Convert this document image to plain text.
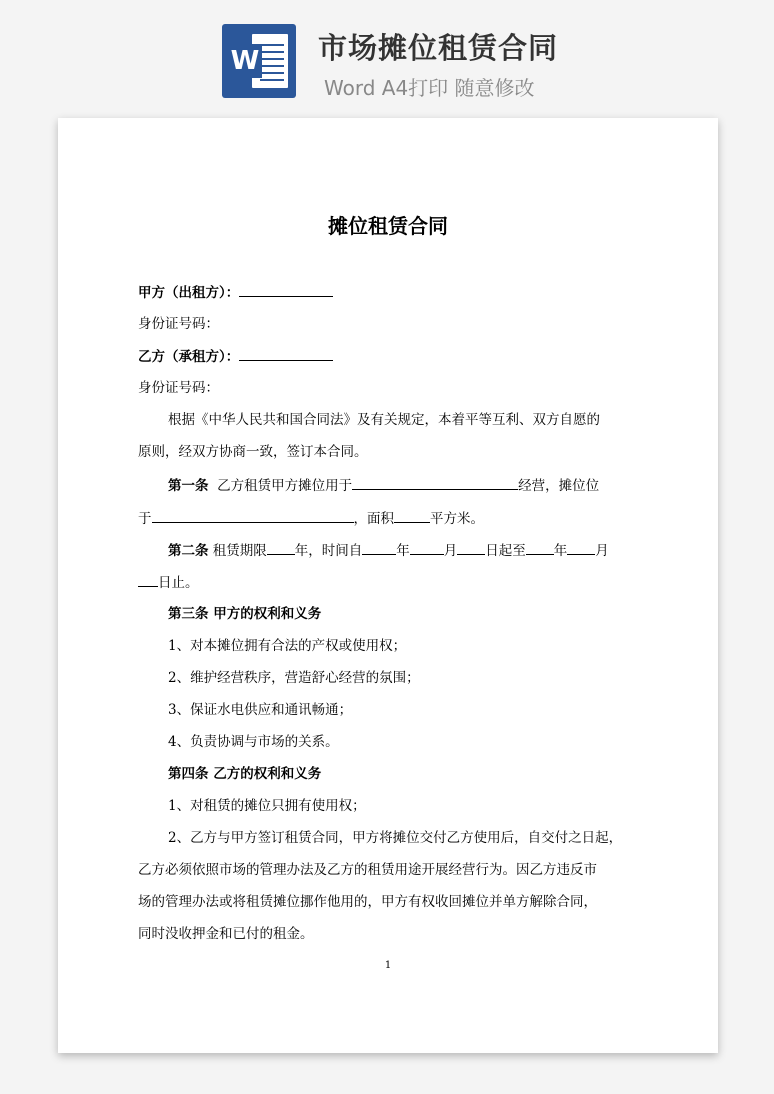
W 市场摊位租赁合同
Word A4打印 随意修改
摊位租赁合同
甲方（出租方）：
身份证号码：
乙方（承租方）：
身份证号码：
根据《中华人民共和国合同法》及有关规定，本着平等互利、双方自愿的
原则，经双方协商一致，签订本合同。
第一条 乙方租赁甲方摊位用于	经营，摊位位
于	，面积	平方米。
第二条 租赁期限 年，时间自	年	月 日起至 年 月
日止。
第三条 甲方的权利和义务
1、对本摊位拥有合法的产权或使用权；
2、维护经营秩序，营造舒心经营的氛围；
3、保证水电供应和通讯畅通；
4、负责协调与市场的关系。
第四条 乙方的权利和义务
1、对租赁的摊位只拥有使用权；
2、乙方与甲方签订租赁合同，甲方将摊位交付乙方使用后，自交付之日起，
乙方必须依照市场的管理办法及乙方的租赁用途开展经营行为。因乙方违反市
场的管理办法或将租赁摊位挪作他用的，甲方有权收回摊位并单方解除合同，
同时没收押金和已付的租金。
1
